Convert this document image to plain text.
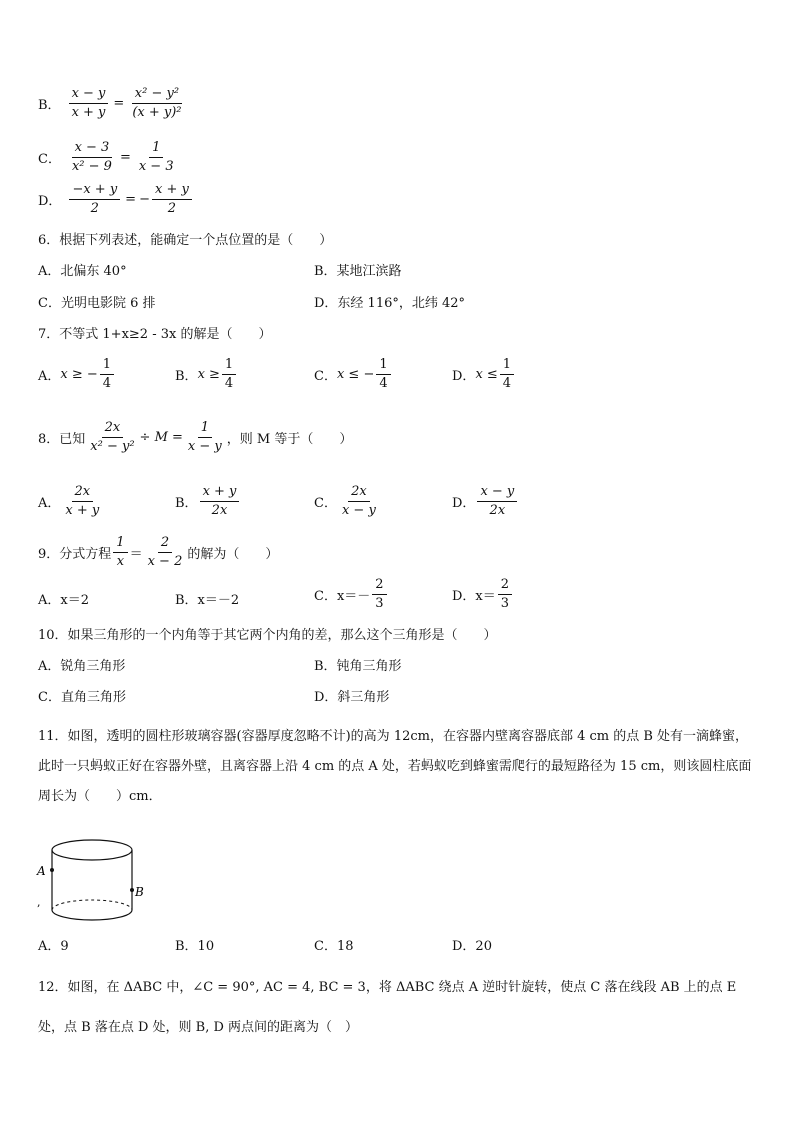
B． $\frac{x - y}{x + y} = \frac{\text{x² − y²}}{\text{(x + y)²}}$
C． $\frac{x - 3}{\text{x² − 9}} = \frac{1}{x - 3}$
D． $\frac{-x + y}{2}$ = − $\frac{x + y}{2}$
6．根据下列表述，能确定一个点位置的是（　　）
A．北偏东 40°	B．某地江滨路
C．光明电影院 6 排	D．东经 116°，北纬 42°
7．不等式 1+x≥2 - 3x 的解是（　　）
A． x ≥ − $\frac{1}{4}$	B． $x \ge \frac{1}{4}$	C． x ≤ − $\frac{1}{4}$	D． $x \le \frac{1}{4}$
8．已知 $\frac{2x}{\text{x² − y²}} \div M = \frac{1}{x - y}$ ，则 M 等于（　　）
A． $\frac{2x}{x + y}$	B． $\frac{x + y}{2x}$	C． $\frac{2x}{x - y}$	D． $\frac{x - y}{2x}$
9．分式方程 $\frac{1}{x} = \frac{2}{x - 2}$ 的解为（　　）
A．x＝2	B．x＝－2	C．$x=- \frac{2}{3}$	D．$x= \frac{2}{3}$
10．如果三角形的一个内角等于其它两个内角的差，那么这个三角形是（　　）
A．锐角三角形	B．钝角三角形
C．直角三角形	D．斜三角形
11．如图，透明的圆柱形玻璃容器(容器厚度忽略不计)的高为 12cm，在容器内壁离容器底部 4 cm 的点 B 处有一滴蜂蜜，此时一只蚂蚁正好在容器外壁，且离容器上沿 4 cm 的点 A 处，若蚂蚁吃到蜂蜜需爬行的最短路径为 15 cm，则该圆柱底面周长为（　　）cm．
A
B
,
A．9	B．10	C．18	D．20
12．如图，在 ΔABC 中，∠C = 90°, AC = 4, BC = 3，将 ΔABC 绕点 A 逆时针旋转，使点 C 落在线段 AB 上的点 E 处，点 B 落在点 D 处，则 B, D 两点间的距离为（　）
